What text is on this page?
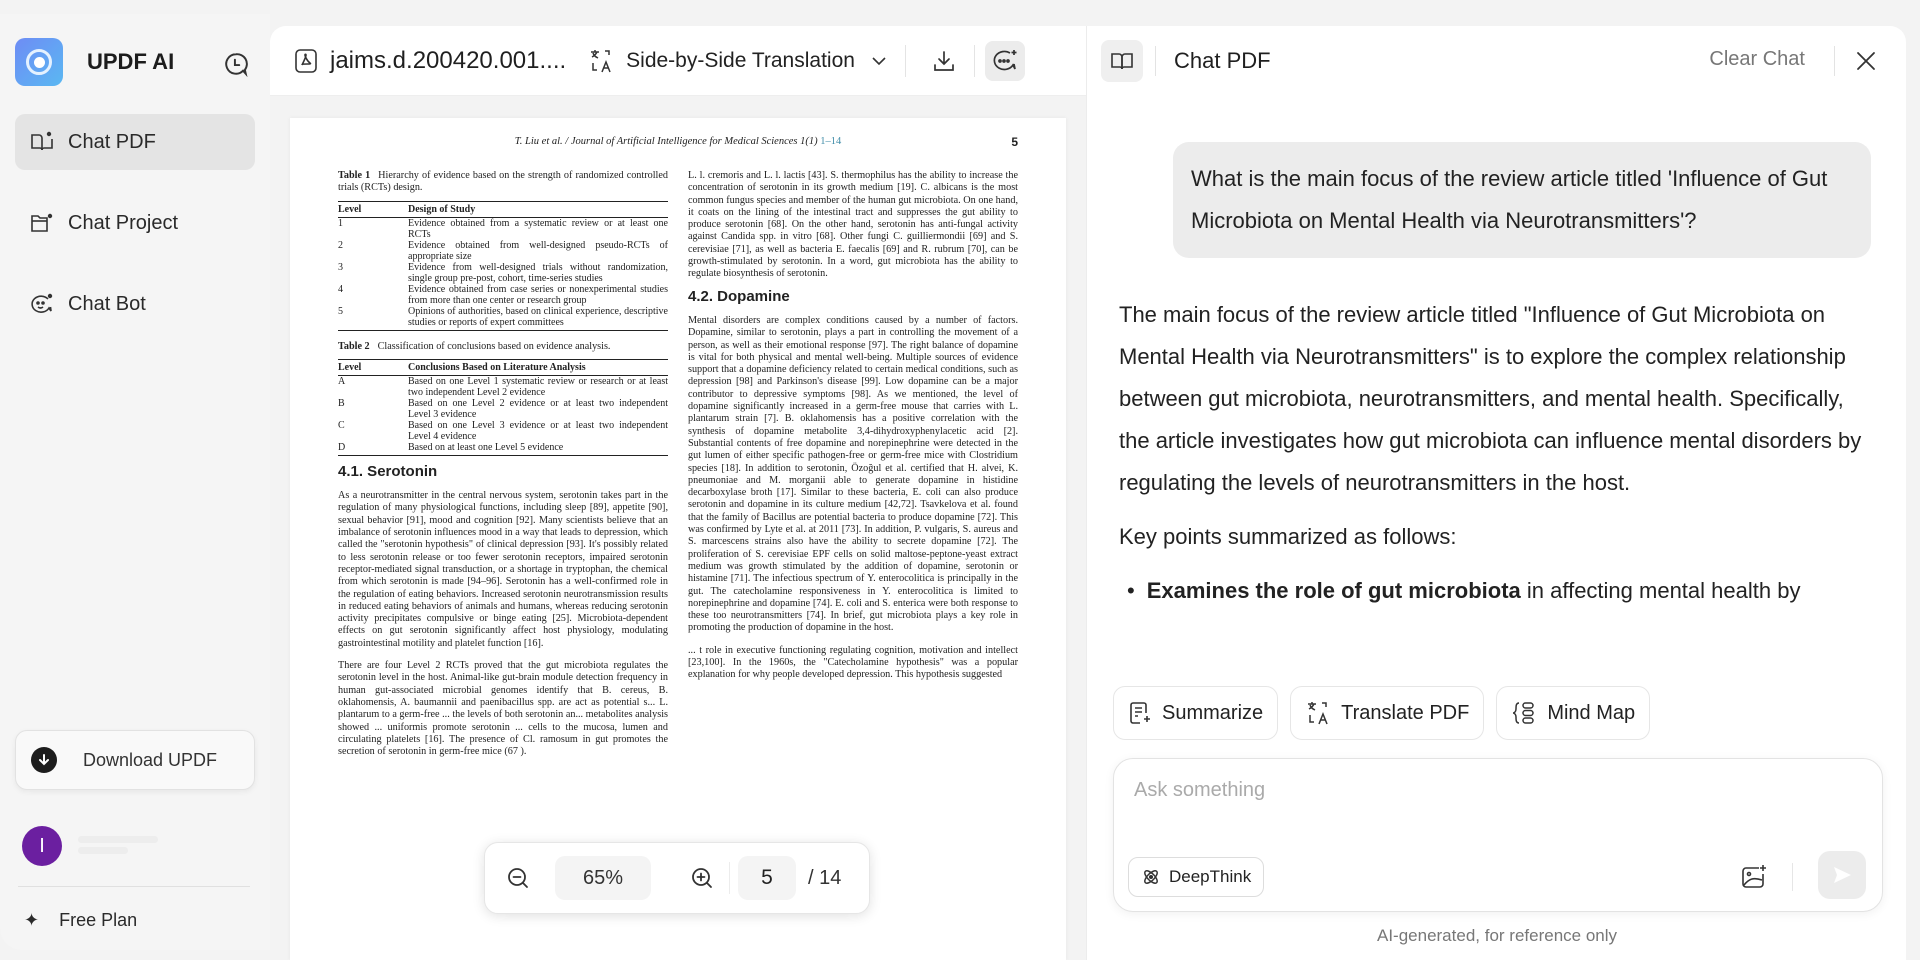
UPDF AI
Chat PDF
Chat Project
Chat Bot
Download UPDF
I
✦ Free Plan
jaims.d.200420.001....	Side-by-Side Translation
T. Liu et al. / Journal of Artificial Intelligence for Medical Sciences 1(1) 1–14	5
Table 1 Hierarchy of evidence based on the strength of randomized controlled trials (RCTs) design.
Level	Design of Study
1	Evidence obtained from a systematic review or at least one RCTs
2	Evidence obtained from well-designed pseudo-RCTs of appropriate size
3	Evidence from well-designed trials without randomization, single group pre-post, cohort, time-series studies
4	Evidence obtained from case series or nonexperimental studies from more than one center or research group
5	Opinions of authorities, based on clinical experience, descriptive studies or reports of expert committees
Table 2 Classification of conclusions based on evidence analysis.
Level	Conclusions Based on Literature Analysis
A	Based on one Level 1 systematic review or research or at least two independent Level 2 evidence
B	Based on one Level 2 evidence or at least two independent Level 3 evidence
C	Based on one Level 3 evidence or at least two independent Level 4 evidence
D	Based on at least one Level 5 evidence
4.1. Serotonin

As a neurotransmitter in the central nervous system, serotonin takes part in the regulation of many physiological functions, including sleep [89], appetite [90], sexual behavior [91], mood and cognition [92]. Many scientists believe that an imbalance of serotonin influences mood in a way that leads to depression, which called the "serotonin hypothesis" of clinical depression [93]. It's possibly related to less serotonin release or too fewer serotonin receptors, impaired serotonin receptor-mediated signal transduction, or a shortage in tryptophan, the chemical from which serotonin is made [94–96]. Serotonin has a well-confirmed role in the regulation of eating behaviors. Increased serotonin neurotransmission results in reduced eating behaviors of animals and humans, whereas reducing serotonin activity precipitates compulsive or binge eating [25]. Microbiota-dependent effects on gut serotonin significantly affect host physiology, modulating gastrointestinal motility and platelet function [16].

There are four Level 2 RCTs proved that the gut microbiota regulates the serotonin level in the host. Animal-like gut-brain module detection frequency in human gut-associated microbial genomes identify that B. cereus, B. oklahomensis, A. baumannii and paenibacillus spp. are act as potential s... L. plantarum to a germ-free ... the levels of both serotonin an... metabolites analysis showed ... uniformis promote serotonin ... cells to the mucosa, lumen and circulating platelets [16]. The presence of Cl. ramosum in gut promotes the secretion of serotonin in germ-free mice (67 ).

L. l. cremoris and L. l. lactis [43]. S. thermophilus has the ability to increase the concentration of serotonin in its growth medium [19]. C. albicans is the most common fungus species and member of the human gut microbiota. On one hand, it coats on the lining of the intestinal tract and suppresses the gut ability to produce serotonin [68]. On the other hand, serotonin has anti-fungal activity against Candida spp. in vitro [68]. Other fungi C. guilliermondii [69] and S. cerevisiae [71], as well as bacteria E. faecalis [69] and R. rubrum [70], can be growth-stimulated by serotonin. In a word, gut microbiota has the ability to regulate biosynthesis of serotonin.

4.2. Dopamine

Mental disorders are complex conditions caused by a number of factors. Dopamine, similar to serotonin, plays a part in controlling the movement of a person, as well as their emotional response [97]. The right balance of dopamine is vital for both physical and mental well-being. Multiple sources of evidence support that a dopamine deficiency related to certain medical conditions, such as depression [98] and Parkinson's disease [99]. Low dopamine can be a major contributor to depressive symptoms [98]. As we mentioned, the level of dopamine significantly increased in a germ-free mouse that carries with L. plantarum strain [7]. B. oklahomensis has a positive correlation with the synthesis of dopamine metabolite 3,4-dihydroxyphenylacetic acid [2]. Substantial contents of free dopamine and norepinephrine were detected in the gut lumen of either specific pathogen-free or germ-free mice with Clostridium species [18]. In addition to serotonin, Özoğul et al. certified that H. alvei, K. pneumoniae and M. morganii able to generate dopamine in histidine decarboxylase broth [17]. Similar to these bacteria, E. coli can also produce serotonin and dopamine in its culture medium [42,72]. Tsavkelova et al. found that the family of Bacillus are potential bacteria to produce dopamine [72]. This was confirmed by Lyte et al. at 2011 [73]. In addition, P. vulgaris, S. aureus and S. marcescens strains also have the ability to secrete dopamine [72]. The proliferation of S. cerevisiae EPF cells on solid maltose-peptone-yeast extract medium was growth stimulated by the addition of dopamine, serotonin or histamine [71]. The infectious spectrum of Y. enterocolitica is principally in the gut. The catecholamine responsiveness in Y. enterocolitica is limited to norepinephrine and dopamine [74]. E. coli and S. enterica were both response to these too neurotransmitters [74]. In brief, gut microbiota plays a key role in promoting the production of dopamine in the host.

... t role in executive functioning regulating cognition, motivation and intellect [23,100]. In the 1960s, the "Catecholamine hypothesis" was a popular explanation for why people developed depression. This hypothesis suggested

65%	5	/ 14
Chat PDF	Clear Chat
What is the main focus of the review article titled 'Influence of Gut Microbiota on Mental Health via Neurotransmitters'?

The main focus of the review article titled "Influence of Gut Microbiota on Mental Health via Neurotransmitters" is to explore the complex relationship between gut microbiota, neurotransmitters, and mental health. Specifically, the article investigates how gut microbiota can influence mental disorders by regulating the levels of neurotransmitters in the host.

Key points summarized as follows:

• Examines the role of gut microbiota in affecting mental health by
Summarize	Translate PDF	Mind Map
Ask something
DeepThink
AI-generated, for reference only
